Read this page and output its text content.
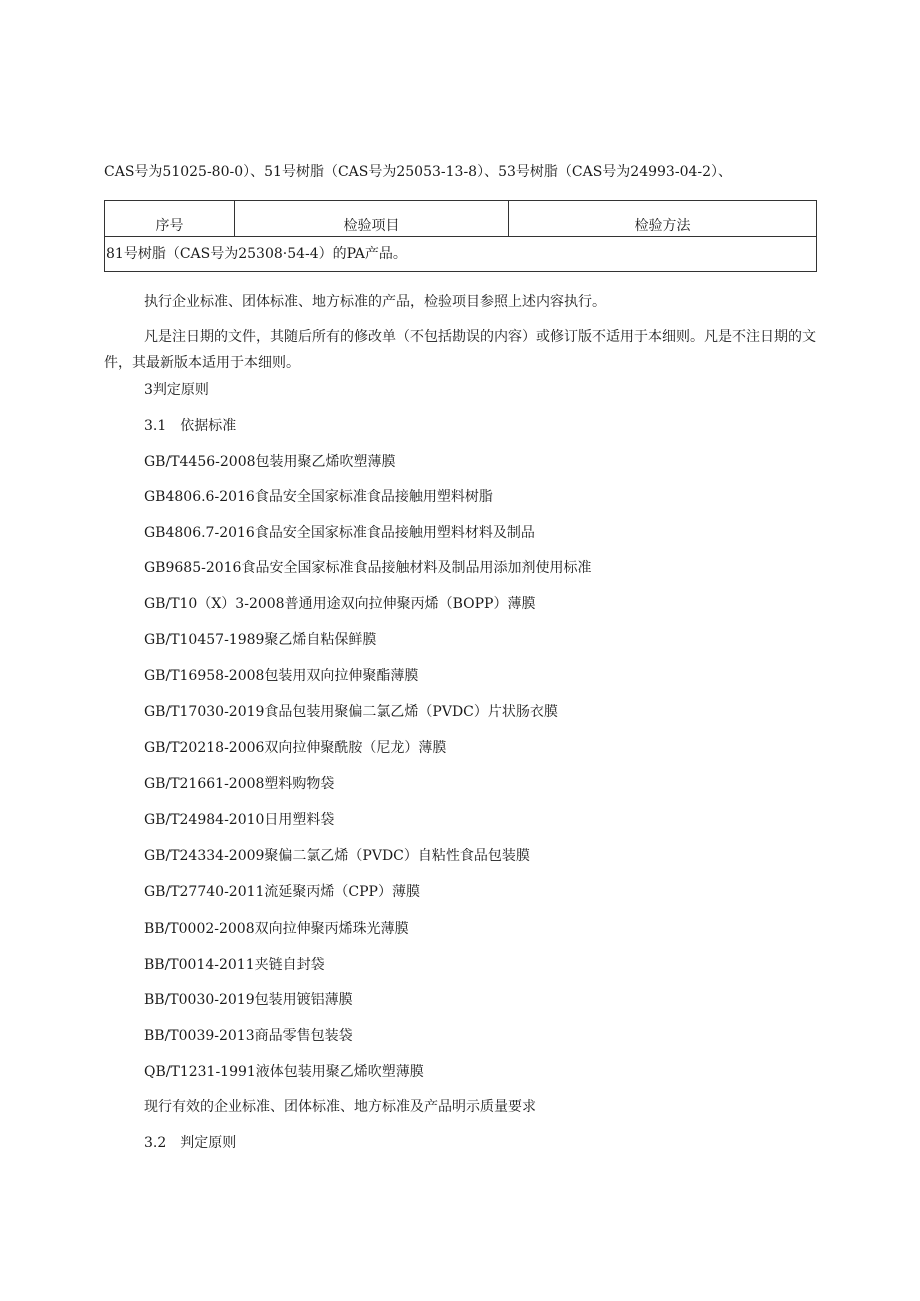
CAS号为51025-80-0）、51号树脂（CAS号为25053-13-8）、53号树脂（CAS号为24993-04-2）、
序号	检验项目	检验方法
81号树脂（CAS号为25308·54-4）的PA产品。
执行企业标准、团体标准、地方标准的产品，检验项目参照上述内容执行。
凡是注日期的文件，其随后所有的修改单（不包括勘误的内容）或修订版不适用于本细则。凡是不注日期的文件，其最新版本适用于本细则。
3判定原则
3.1　依据标准
GB/T4456-2008包装用聚乙烯吹塑薄膜
GB4806.6-2016食品安全国家标准食品接触用塑料树脂
GB4806.7-2016食品安全国家标准食品接触用塑料材料及制品
GB9685-2016食品安全国家标准食品接触材料及制品用添加剂使用标准
GB/T10（X）3-2008普通用途双向拉伸聚丙烯（BOPP）薄膜
GB/T10457-1989聚乙烯自粘保鲜膜
GB/T16958-2008包装用双向拉伸聚酯薄膜
GB/T17030-2019食品包装用聚偏二氯乙烯（PVDC）片状肠衣膜
GB/T20218-2006双向拉伸聚酰胺（尼龙）薄膜
GB/T21661-2008塑料购物袋
GB/T24984-2010日用塑料袋
GB/T24334-2009聚偏二氯乙烯（PVDC）自粘性食品包装膜
GB/T27740-2011流延聚丙烯（CPP）薄膜
BB/T0002-2008双向拉伸聚丙烯珠光薄膜
BB/T0014-2011夹链自封袋
BB/T0030-2019包装用镀铝薄膜
BB/T0039-2013商品零售包装袋
QB/T1231-1991液体包装用聚乙烯吹塑薄膜
现行有效的企业标准、团体标准、地方标准及产品明示质量要求
3.2　判定原则
